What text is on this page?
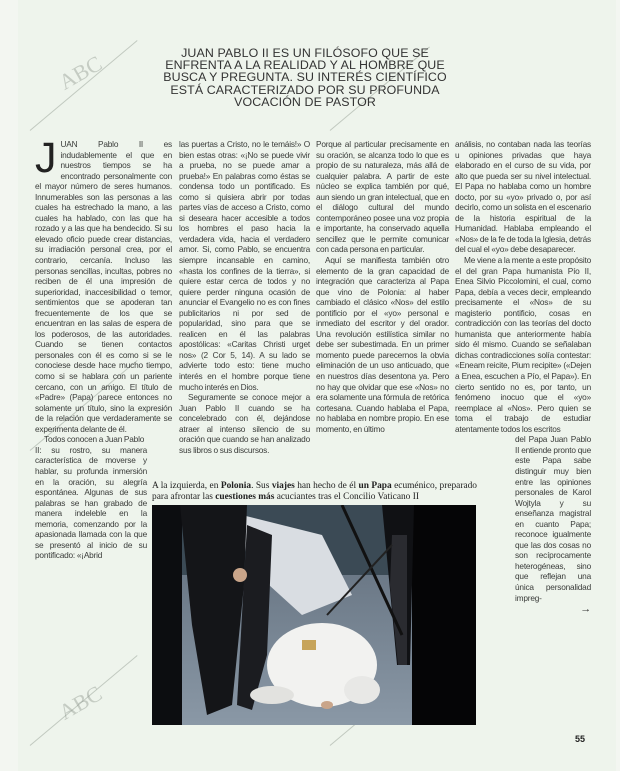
ABC
ABC
JUAN PABLO II ES UN FILÓSOFO QUE SE ENFRENTA A LA REALIDAD Y AL HOMBRE QUE BUSCA Y PREGUNTA. SU INTERÉS CIENTÍFICO ESTÁ CARACTERIZADO POR SU PROFUNDA VOCACIÓN DE PASTOR

JUAN Pablo II es indudablemente el que en nuestros tiempos se ha encontrado personalmente con el mayor número de seres humanos. Innumerables son las personas a las cuales ha estrechado la mano, a las cuales ha hablado, con las que ha rozado y a las que ha bendecido. Si su elevado oficio puede crear distancias, su irradiación personal crea, por el contrario, cercanía. Incluso las personas sencillas, incultas, pobres no reciben de él una impresión de superioridad, inaccesibilidad o temor, sentimientos que se apoderan tan frecuentemente de los que se encuentran en las salas de espera de los poderosos, de las autoridades. Cuando se tienen contactos personales con él es como si se le conociese desde hace mucho tiempo, como si se hablara con un pariente cercano, con un amigo. El título de «Padre» (Papa) parece entonces no solamente un título, sino la expresión de la relación que verdaderamente se experimenta delante de él.

Todos conocen a Juan Pablo

II: su rostro, su manera característica de moverse y hablar, su profunda inmersión en la oración, su alegría espontánea. Algunas de sus palabras se han grabado de manera indeleble en la memoria, comenzando por la apasionada llamada con la que se presentó al inicio de su pontificado: «¡Abrid

las puertas a Cristo, no le temáis!» O bien estas otras: «¡No se puede vivir a prueba, no se puede amar a prueba!» En palabras como éstas se condensa todo un pontificado. Es como si quisiera abrir por todas partes vías de acceso a Cristo, como si deseara hacer accesible a todos los hombres el paso hacia la verdadera vida, hacia el verdadero amor. Si, como Pablo, se encuentra siempre incansable en camino, «hasta los confines de la tierra», si quiere estar cerca de todos y no quiere perder ninguna ocasión de anunciar el Evangelio no es con fines publicitarios ni por sed de popularidad, sino para que se realicen en él las palabras apostólicas: «Caritas Christi urget nos» (2 Cor 5, 14). A su lado se advierte todo esto: tiene mucho interés en el hombre porque tiene mucho interés en Dios.

Seguramente se conoce mejor a Juan Pablo II cuando se ha concelebrado con él, dejándose atraer al intenso silencio de su oración que cuando se han analizado sus libros o sus discursos.

Porque al particular precisamente en su oración, se alcanza todo lo que es propio de su naturaleza, más allá de cualquier palabra. A partir de este núcleo se explica también por qué, aun siendo un gran intelectual, que en el diálogo cultural del mundo contemporáneo posee una voz propia e importante, ha conservado aquella sencillez que le permite comunicar con cada persona en particular.

Aquí se manifiesta también otro elemento de la gran capacidad de integración que caracteriza al Papa que vino de Polonia: al haber cambiado el clásico «Nos» del estilo pontificio por el «yo» personal e inmediato del escritor y del orador. Una revolución estilística similar no debe ser subestimada. En un primer momento puede parecernos la obvia eliminación de un uso anticuado, que en nuestros días desentona ya. Pero no hay que olvidar que ese «Nos» no era solamente una fórmula de retórica cortesana. Cuando hablaba el Papa, no hablaba en nombre propio. En ese momento, en último

análisis, no contaban nada las teorías u opiniones privadas que haya elaborado en el curso de su vida, por alto que pueda ser su nivel intelectual. El Papa no hablaba como un hombre docto, por su «yo» privado o, por así decirlo, como un solista en el escenario de la historia espiritual de la Humanidad. Hablaba empleando el «Nos» de la fe de toda la Iglesia, detrás del cual el «yo» debe desaparecer.

Me viene a la mente a este propósito el del gran Papa humanista Pío II, Enea Silvio Piccolomini, el cual, como Papa, debía a veces decir, empleando precisamente el «Nos» de su magisterio pontificio, cosas en contradicción con las teorías del docto humanista que anteriormente había sido él mismo. Cuando se señalaban dichas contradicciones solía contestar: «Eneam reicite, Pium recipite» («Dejen a Enea, escuchen a Pío, el Papa»). En cierto sentido no es, por tanto, un fenómeno inocuo que el «yo» reemplace al «Nos». Pero quien se toma el trabajo de estudiar atentamente todos los escritos

del Papa Juan Pablo II entiende pronto que este Papa sabe distinguir muy bien entre las opiniones personales de Karol Wojtyla y su enseñanza magistral en cuanto Papa; reconoce igualmente que las dos cosas no son recíprocamente heterogéneas, sino que reflejan una única personalidad impreg-

→
A la izquierda, en Polonia. Sus viajes han hecho de él un Papa ecuménico, preparado para afrontar las cuestiones más acuciantes tras el Concilio Vaticano II
55
